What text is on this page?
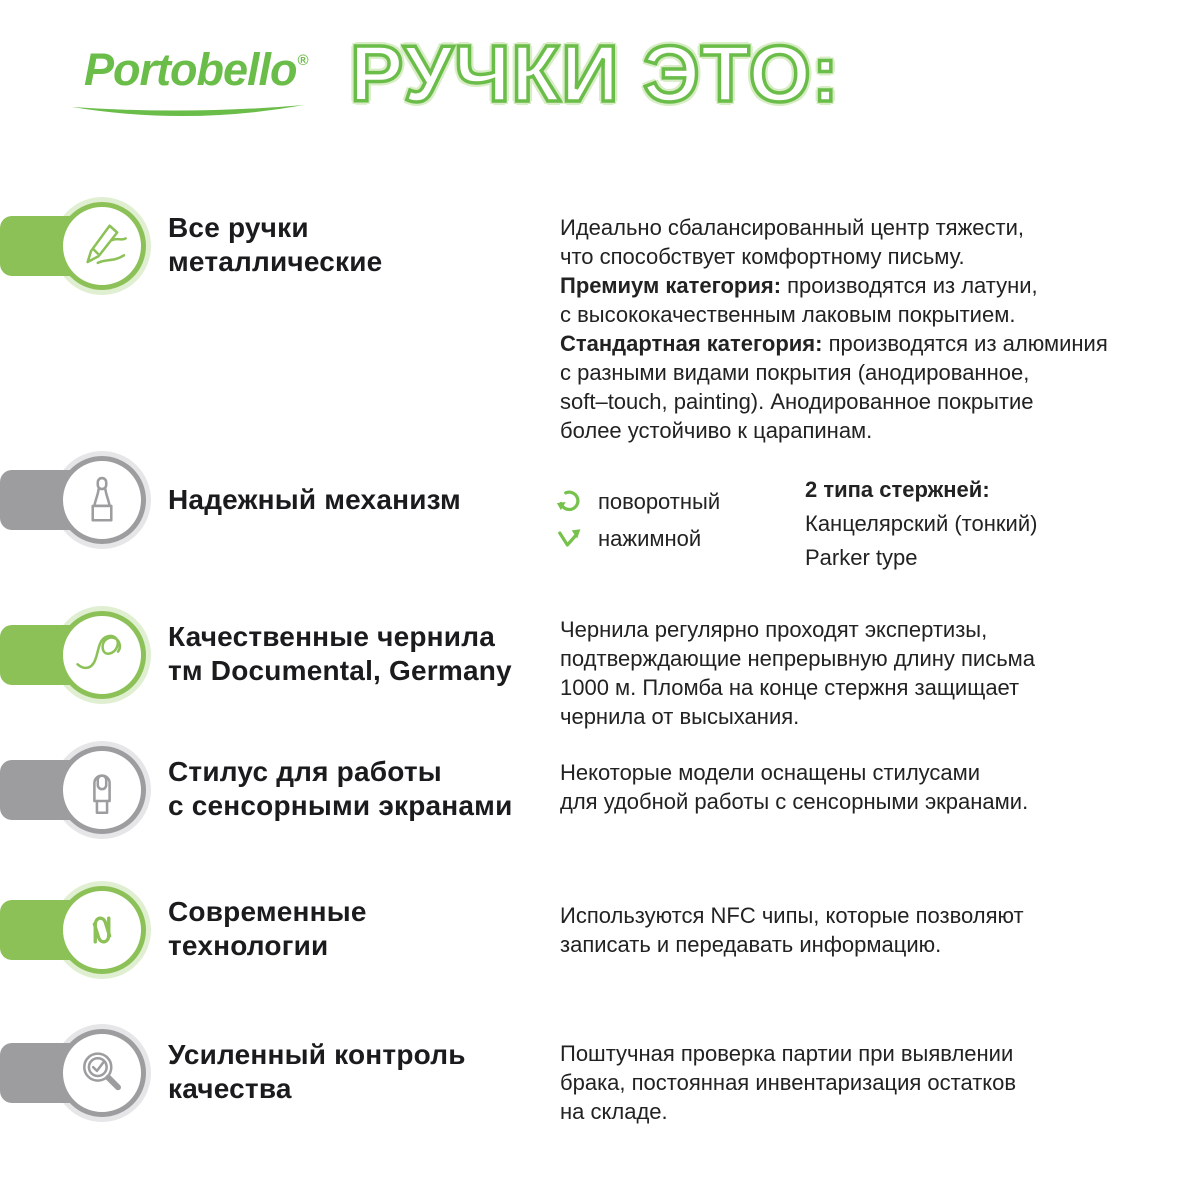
Portobello® РУЧКИ ЭТО:
Все ручки
металлические
Идеально сбалансированный центр тяжести,
что способствует комфортному письму.
Премиум категория: производятся из латуни,
с высококачественным лаковым покрытием.
Стандартная категория: производятся из алюминия
с разными видами покрытия (анодированное,
soft–touch, painting). Анодированное покрытие
более устойчиво к царапинам.
Надежный механизм	поворотный
нажимной
2 типа стержней:
Канцелярский (тонкий)
Parker type
Качественные чернила
тм Documental, Germany
Чернила регулярно проходят экспертизы,
подтверждающие непрерывную длину письма
1000 м. Пломба на конце стержня защищает
чернила от высыхания.
Стилус для работы
с сенсорными экранами
Некоторые модели оснащены стилусами
для удобной работы с сенсорными экранами.
Современные
технологии
Используются NFC чипы, которые позволяют
записать и передавать информацию.
Усиленный контроль
качества
Поштучная проверка партии при выявлении
брака, постоянная инвентаризация остатков
на складе.
